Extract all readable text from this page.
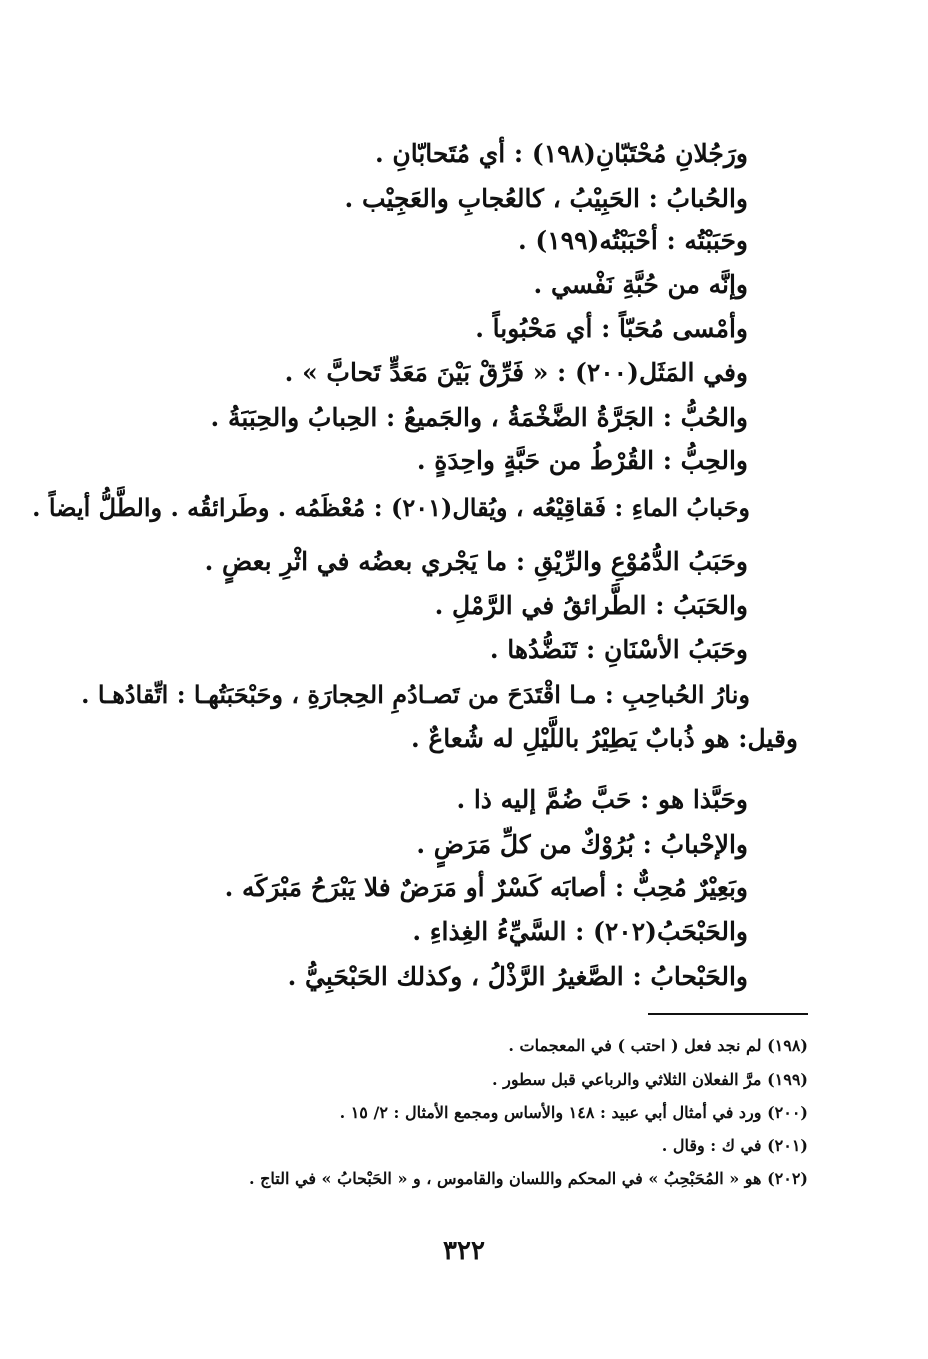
ورَجُلانِ مُحْتَبّانِ(١٩٨) : أي مُتَحابّانِ .
والحُبابُ : الحَبِيْبُ ، كالعُجابِ والعَجِيْب .
وحَبَبْتُه : أحْبَبْتُه(١٩٩) .
وإنَّه من حُبَّةِ نَفْسي .
وأمْسى مُحَبّاً : أي مَحْبُوباً .
وفي المَثَل(٢٠٠) : « فَرِّقْ بَيْنَ مَعَدٍّ تَحابَّ » .
والحُبُّ : الجَرَّةُ الضَّخْمَةُ ، والجَميعُ : الحِبابُ والحِبَبَةُ .
والحِبُّ : القُرْطُ من حَبَّةٍ واحِدَةٍ .
وحَبابُ الماءِ : فَقاقِيْعُه ، ويُقال(٢٠١) : مُعْظَمُه . وطَرائقُه . والطَّلُّ أيضاً .
وحَبَبُ الدُّمُوْعِ والرِّيْقِ : ما يَجْري بعضُه في اثْرِ بعضٍ .
والحَبَبُ : الطَّرائقُ في الرَّمْلِ .
وحَبَبُ الأسْنَانِ : تَنَضُّدُها .
ونارُ الحُباحِبِ : مـا اقْتَدَحَ من تَصـادُمِ الحِجارَةِ ، وحَبْحَبَتُهـا : اتِّقادُهـا .
وقيل: هو ذُبابٌ يَطِيْرُ باللَّيْلِ له شُعاعٌ .
وحَبَّذا هو : حَبَّ ضُمَّ إليه ذا .
والإحْبابُ : بُرُوْكٌ من كلِّ مَرَضٍ .
وبَعِيْرٌ مُحِبٌّ : أصابَه كَسْرٌ أو مَرَضٌ فلا يَبْرَحُ مَبْرَكَه .
والحَبْحَبُ(٢٠٢) : السَّيِّءُ الغِذاءِ .
والحَبْحابُ : الصَّغيرُ الرَّذْلُ ، وكذلك الحَبْحَبِيُّ .
(١٩٨) لم نجد فعل ( احتب ) في المعجمات .
(١٩٩) مرَّ الفعلان الثلاثي والرباعي قبل سطور .
(٢٠٠) ورد في أمثال أبي عبيد : ١٤٨ والأساس ومجمع الأمثال : ٢/ ١٥ .
(٢٠١) في ك : وقال .
(٢٠٢) هو « المُحَبْحِبُ » في المحكم واللسان والقاموس ، و « الحَبْحابُ » في التاج .
٣٢٢
